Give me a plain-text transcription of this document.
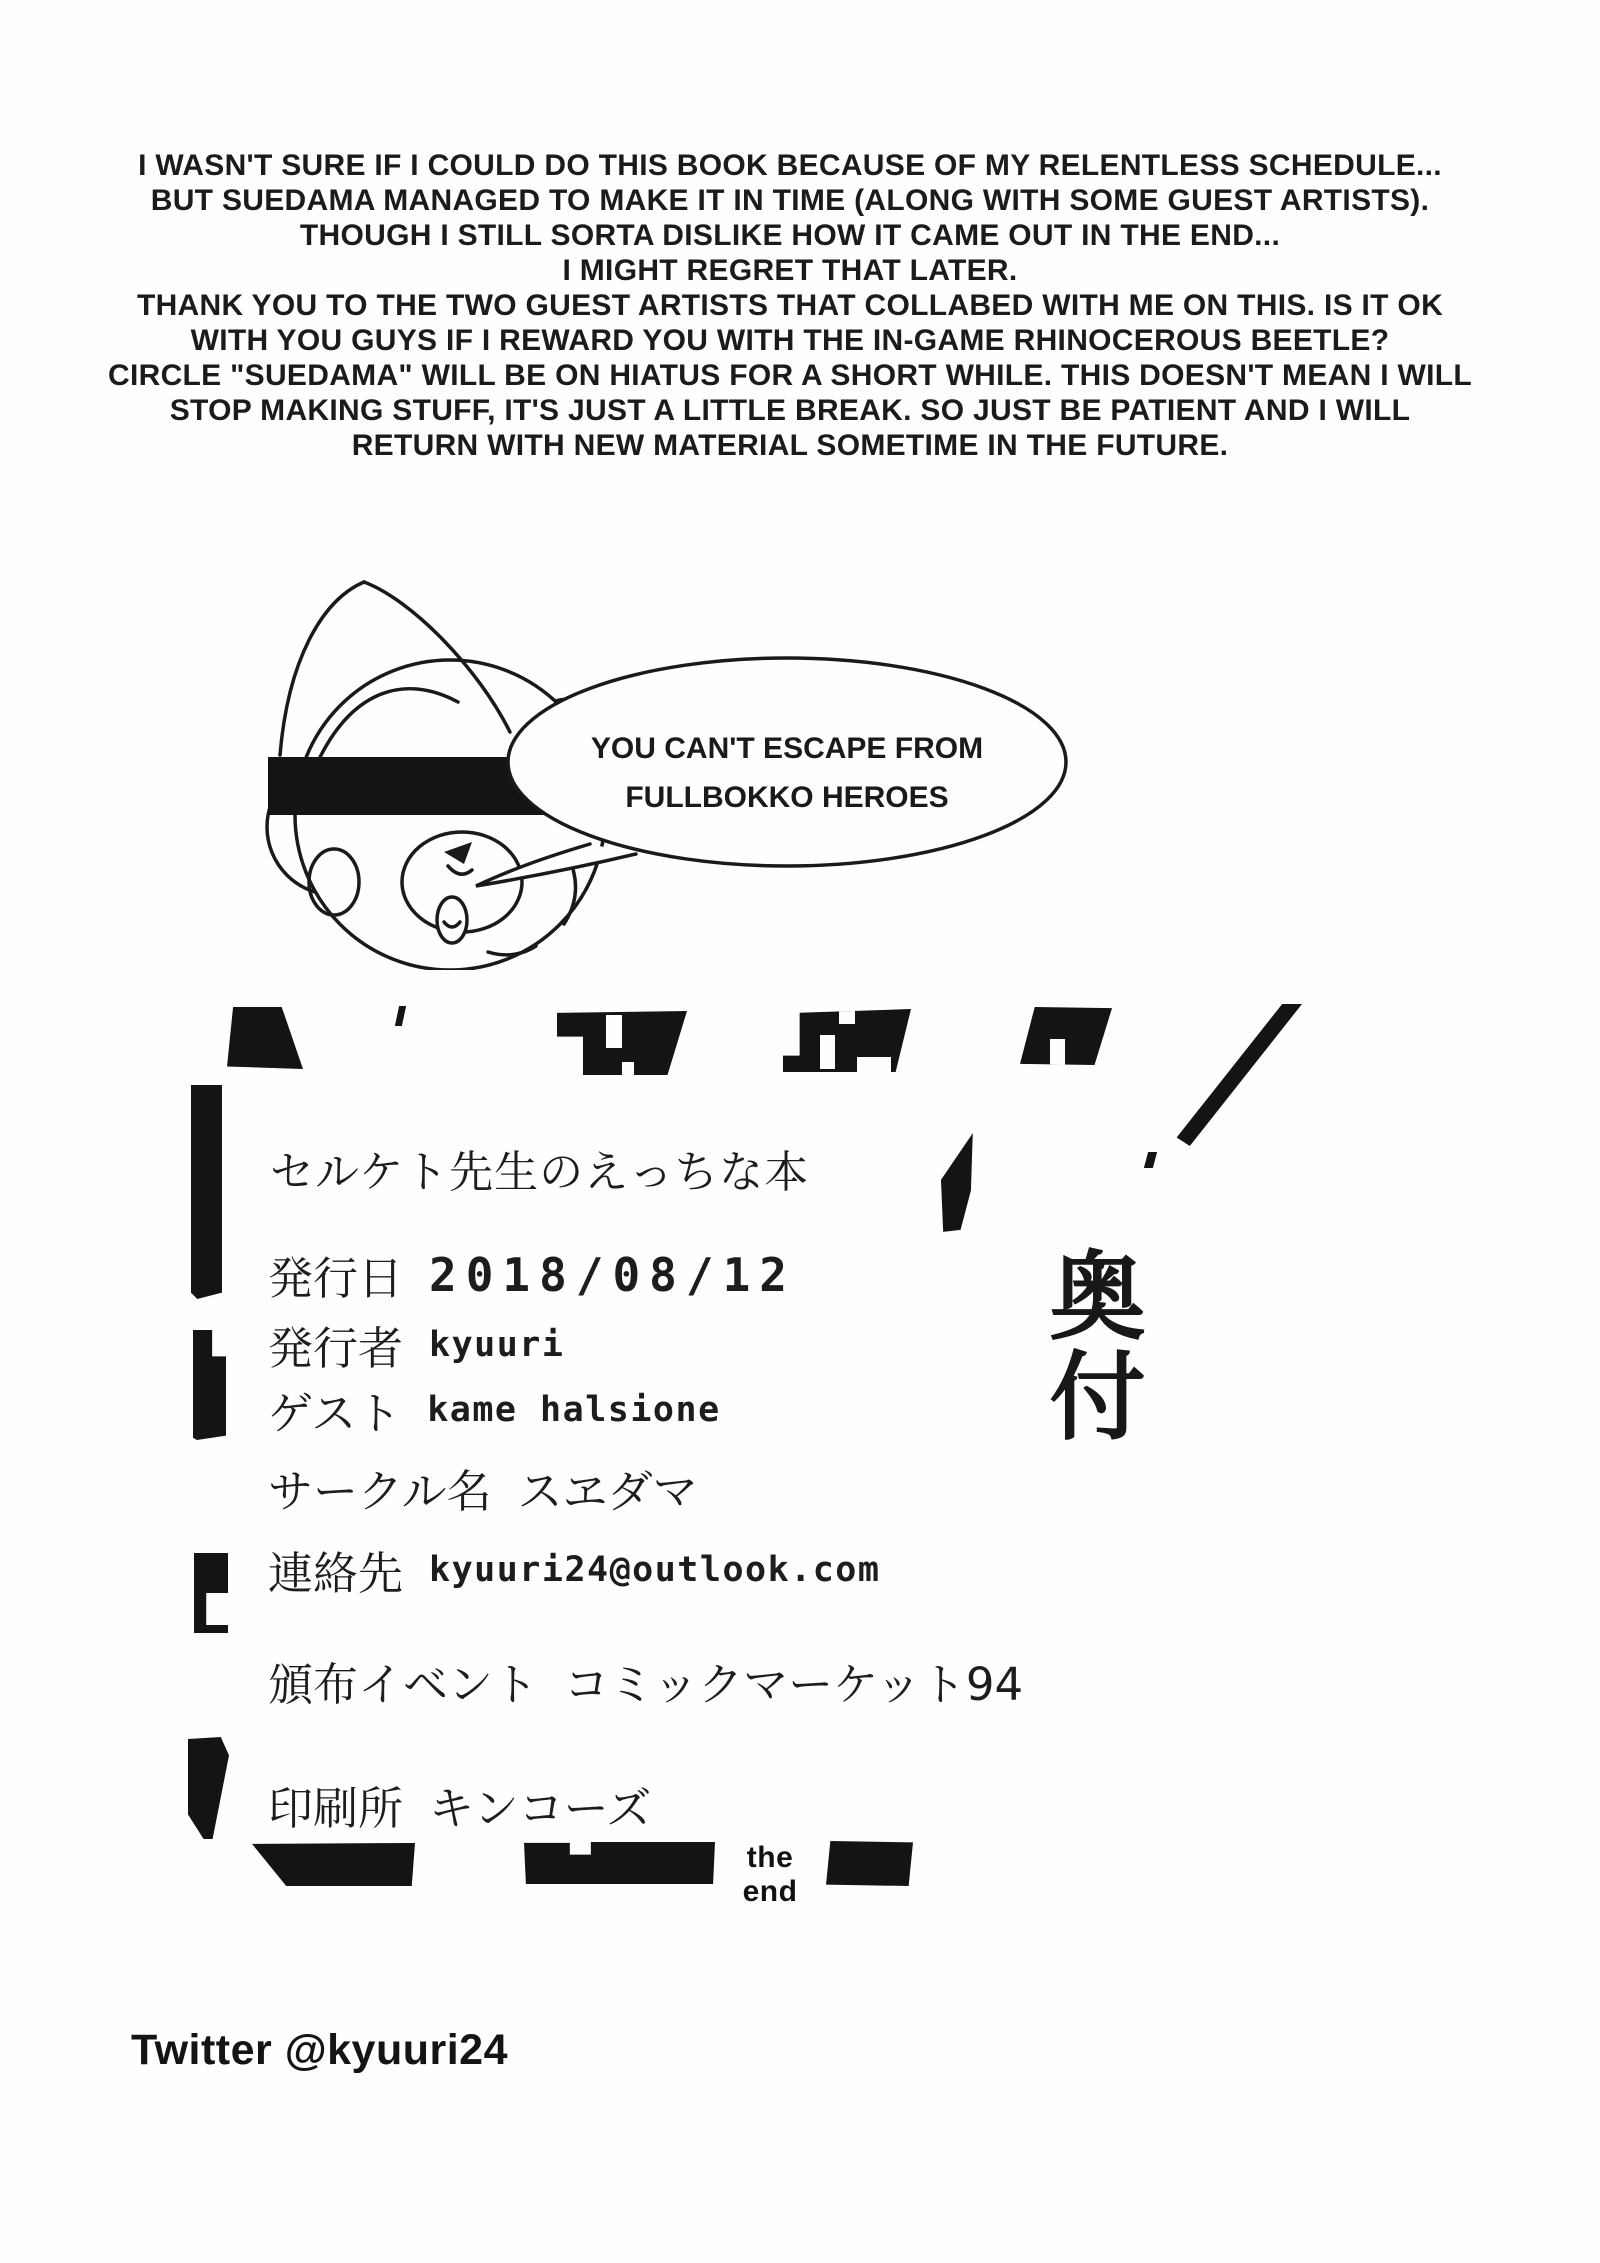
I WASN'T SURE IF I COULD DO THIS BOOK BECAUSE OF MY RELENTLESS SCHEDULE...
BUT SUEDAMA MANAGED TO MAKE IT IN TIME (ALONG WITH SOME GUEST ARTISTS).
THOUGH I STILL SORTA DISLIKE HOW IT CAME OUT IN THE END...
I MIGHT REGRET THAT LATER.
THANK YOU TO THE TWO GUEST ARTISTS THAT COLLABED WITH ME ON THIS. IS IT OK
WITH YOU GUYS IF I REWARD YOU WITH THE IN-GAME RHINOCEROUS BEETLE?
CIRCLE "SUEDAMA" WILL BE ON HIATUS FOR A SHORT WHILE. THIS DOESN'T MEAN I WILL
STOP MAKING STUFF, IT'S JUST A LITTLE BREAK. SO JUST BE PATIENT AND I WILL
RETURN WITH NEW MATERIAL SOMETIME IN THE FUTURE.
YOU CAN'T ESCAPE FROM
FULLBOKKO HEROES
セルケト先生のえっちな本
発行日 2018/08/12
発行者 kyuuri
ゲスト kame halsione
サークル名 スヱダマ
連絡先 kyuuri24@outlook.com
頒布イベント コミックマーケット94
印刷所 キンコーズ
奥付
the end
Twitter @kyuuri24
